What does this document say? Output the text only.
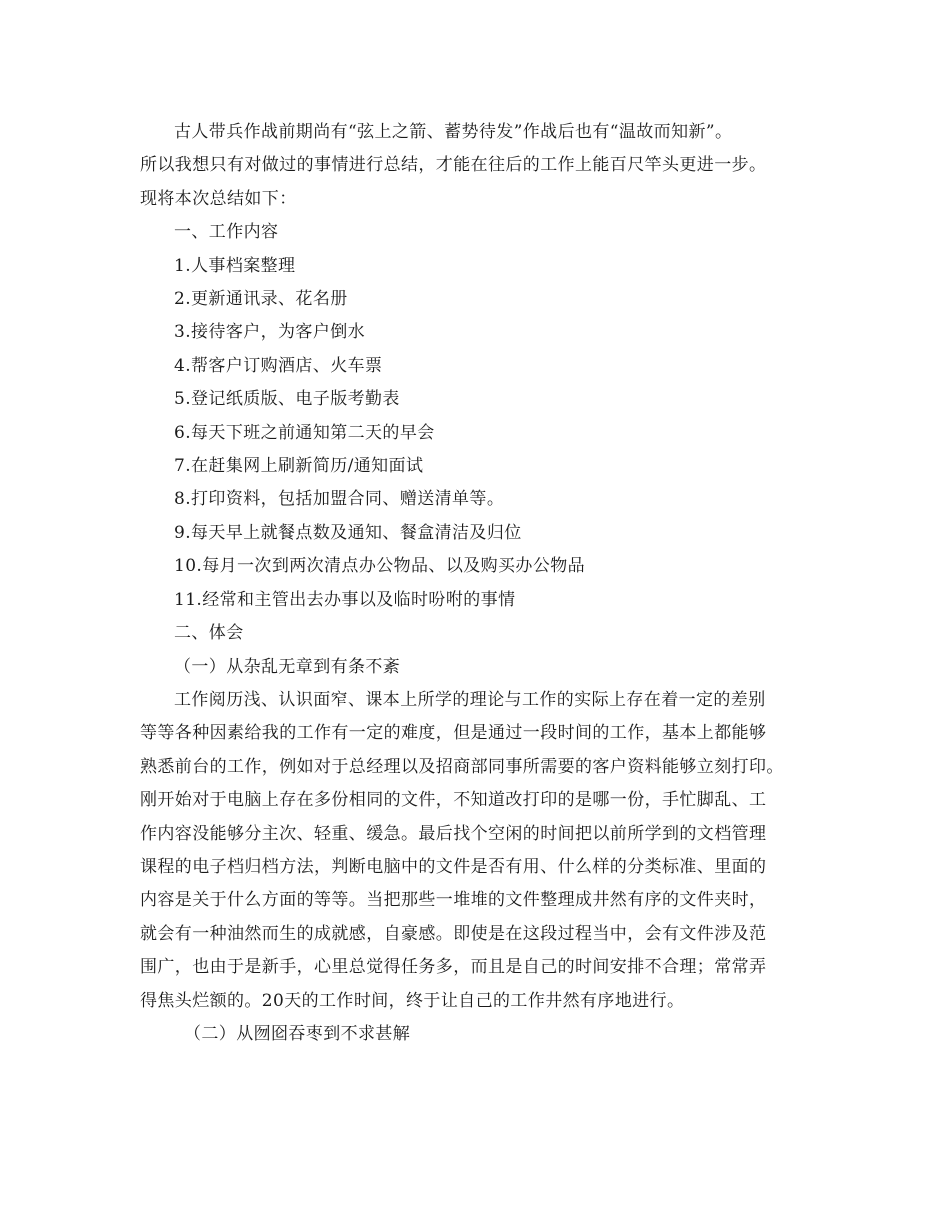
古人带兵作战前期尚有“弦上之箭、蓄势待发”作战后也有“温故而知新”。

所以我想只有对做过的事情进行总结，才能在往后的工作上能百尺竿头更进一步。

现将本次总结如下：

一、工作内容

1.人事档案整理

2.更新通讯录、花名册

3.接待客户，为客户倒水

4.帮客户订购酒店、火车票

5.登记纸质版、电子版考勤表

6.每天下班之前通知第二天的早会

7.在赶集网上刷新简历/通知面试

8.打印资料，包括加盟合同、赠送清单等。

9.每天早上就餐点数及通知、餐盒清洁及归位

10.每月一次到两次清点办公物品、以及购买办公物品

11.经常和主管出去办事以及临时吩咐的事情

二、体会

（一）从杂乱无章到有条不紊

工作阅历浅、认识面窄、课本上所学的理论与工作的实际上存在着一定的差别

等等各种因素给我的工作有一定的难度，但是通过一段时间的工作，基本上都能够

熟悉前台的工作，例如对于总经理以及招商部同事所需要的客户资料能够立刻打印。

刚开始对于电脑上存在多份相同的文件，不知道改打印的是哪一份，手忙脚乱、工

作内容没能够分主次、轻重、缓急。最后找个空闲的时间把以前所学到的文档管理

课程的电子档归档方法，判断电脑中的文件是否有用、什么样的分类标准、里面的

内容是关于什么方面的等等。当把那些一堆堆的文件整理成井然有序的文件夹时，

就会有一种油然而生的成就感，自豪感。即使是在这段过程当中，会有文件涉及范

围广，也由于是新手，心里总觉得任务多，而且是自己的时间安排不合理；常常弄

得焦头烂额的。20天的工作时间，终于让自己的工作井然有序地进行。

（二）从囫囵吞枣到不求甚解
